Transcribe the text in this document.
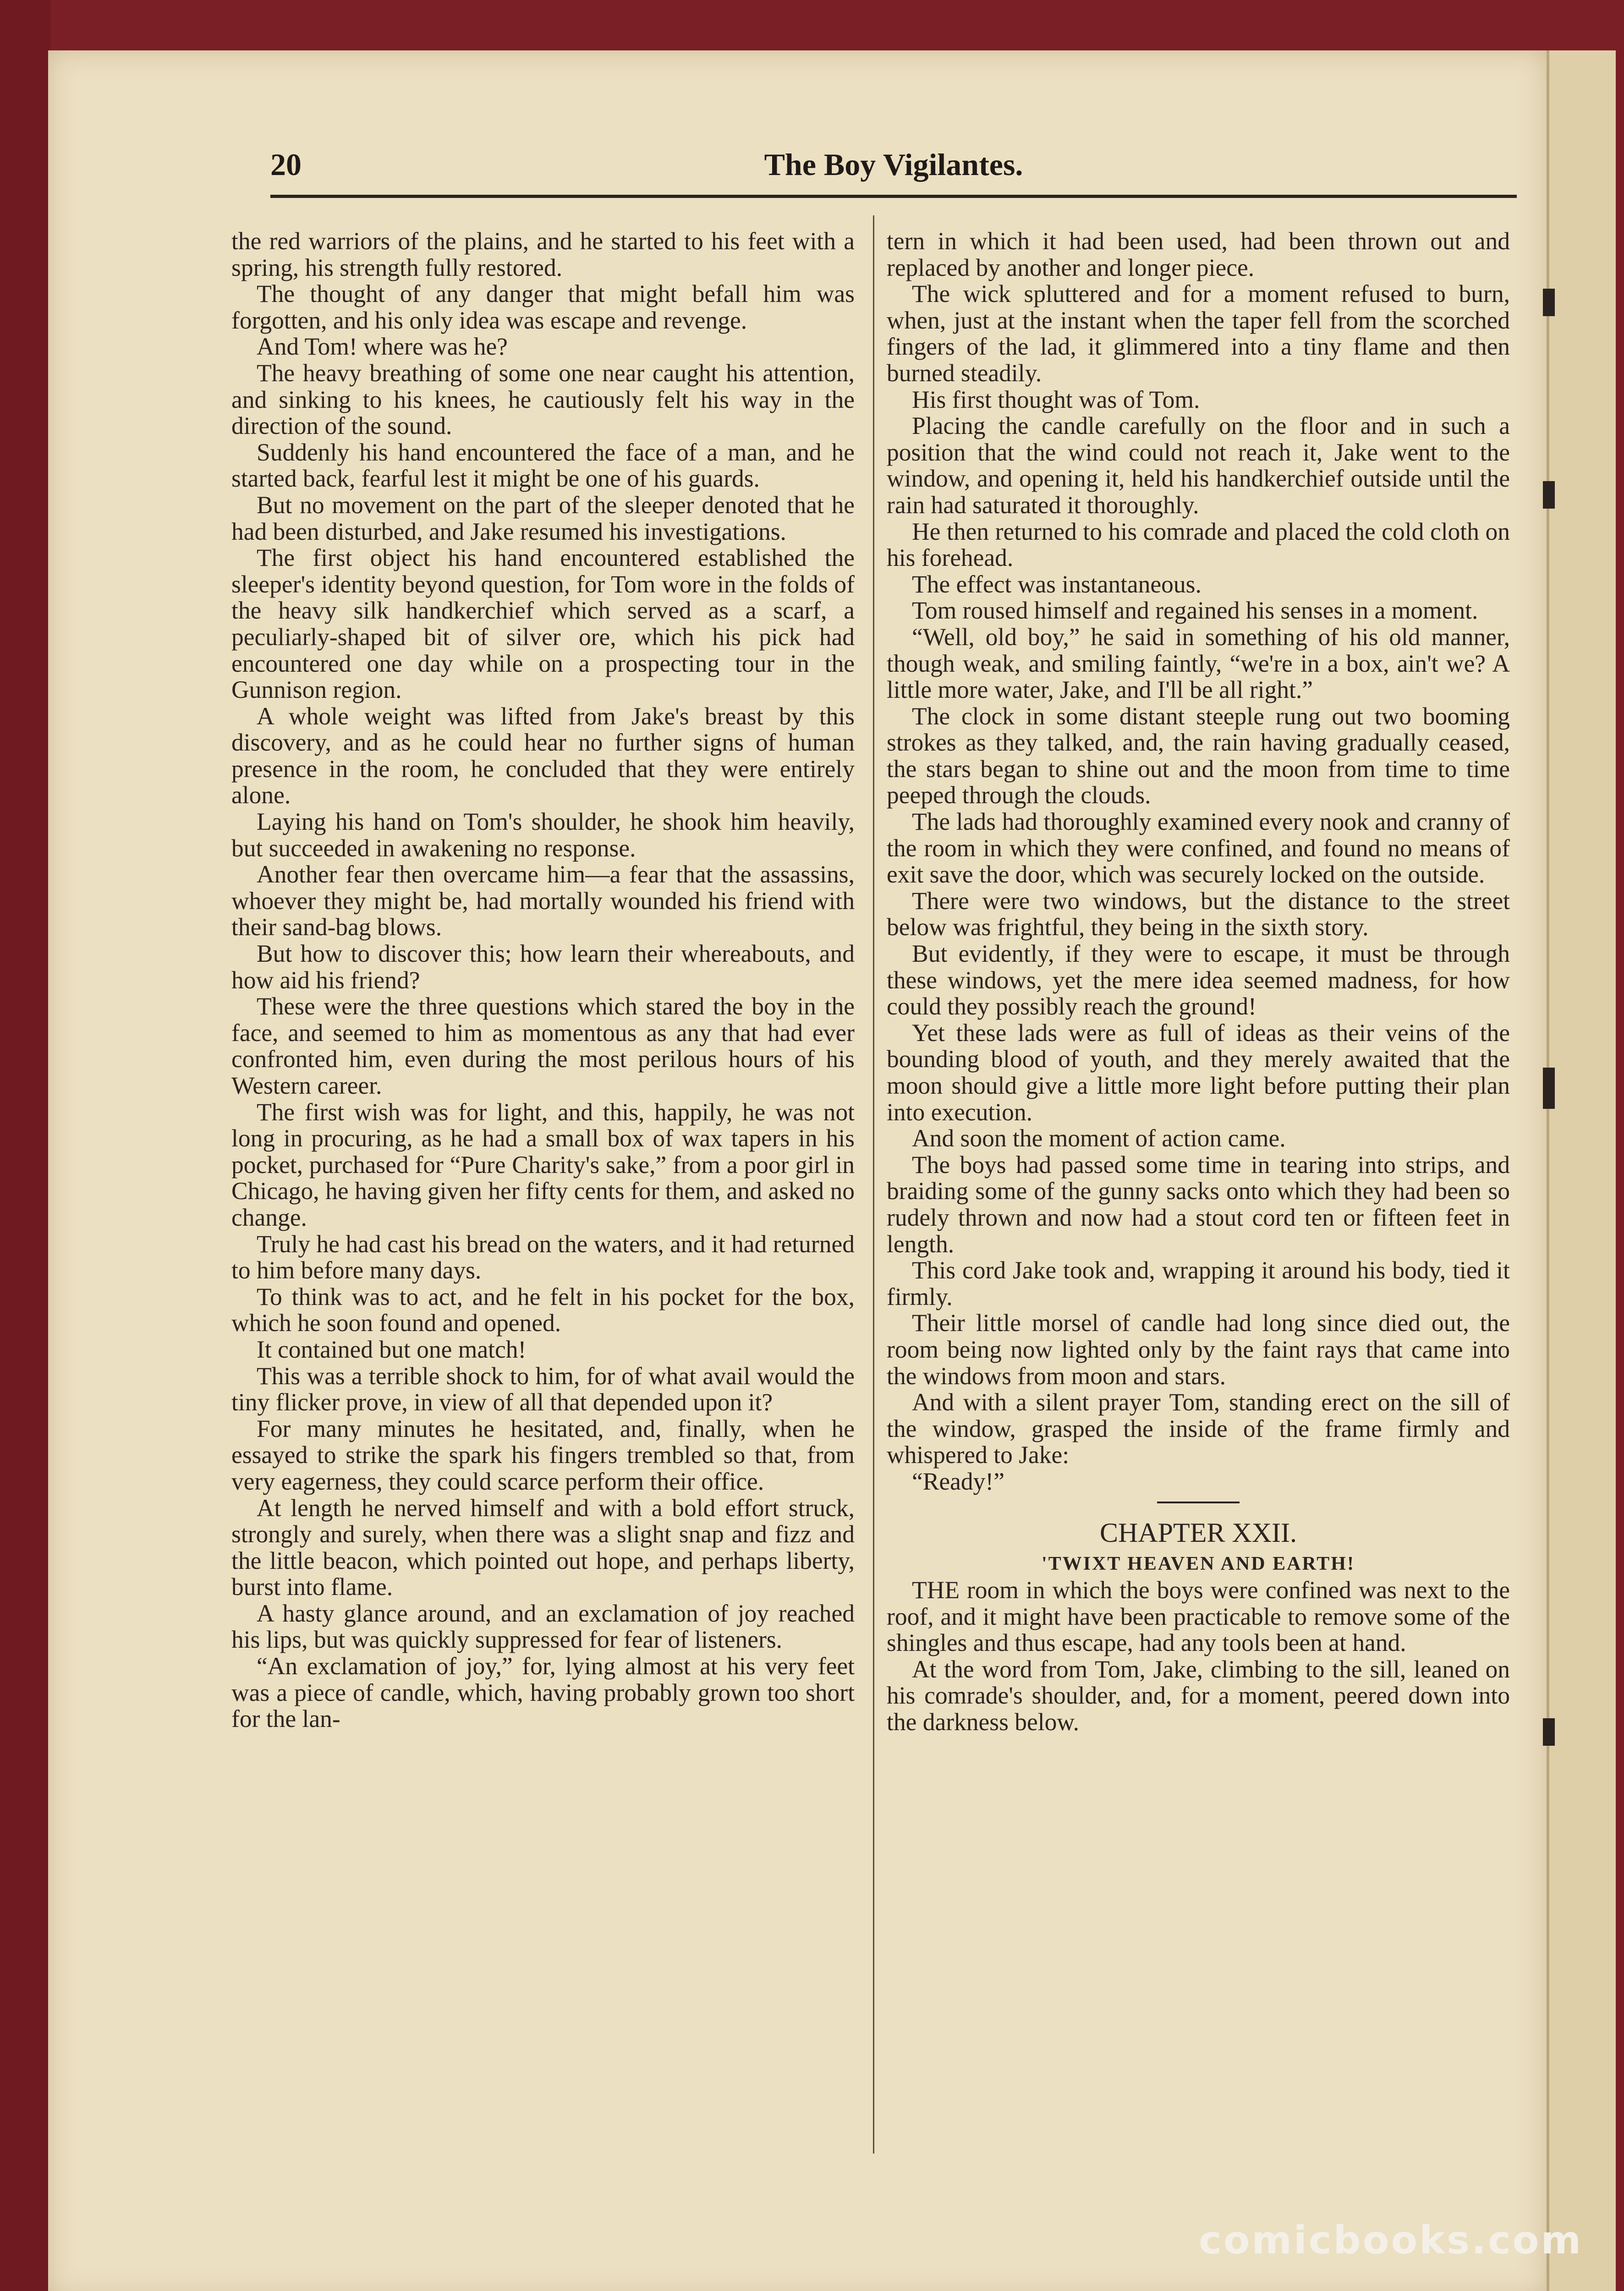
20	The Boy Vigilantes.

the red warriors of the plains, and he started to his feet with a spring, his strength fully restored.

The thought of any danger that might befall him was forgotten, and his only idea was escape and revenge.

And Tom! where was he?

The heavy breathing of some one near caught his attention, and sinking to his knees, he cautiously felt his way in the direction of the sound.

Suddenly his hand encountered the face of a man, and he started back, fearful lest it might be one of his guards.

But no movement on the part of the sleeper denoted that he had been disturbed, and Jake resumed his investigations.

The first object his hand encountered established the sleeper's identity beyond question, for Tom wore in the folds of the heavy silk handkerchief which served as a scarf, a peculiarly-shaped bit of silver ore, which his pick had encountered one day while on a prospecting tour in the Gunnison region.

A whole weight was lifted from Jake's breast by this discovery, and as he could hear no further signs of human presence in the room, he concluded that they were entirely alone.

Laying his hand on Tom's shoulder, he shook him heavily, but succeeded in awakening no response.

Another fear then overcame him—a fear that the assassins, whoever they might be, had mortally wounded his friend with their sand-bag blows.

But how to discover this; how learn their whereabouts, and how aid his friend?

These were the three questions which stared the boy in the face, and seemed to him as momentous as any that had ever confronted him, even during the most perilous hours of his Western career.

The first wish was for light, and this, happily, he was not long in procuring, as he had a small box of wax tapers in his pocket, purchased for “Pure Charity's sake,” from a poor girl in Chicago, he having given her fifty cents for them, and asked no change.

Truly he had cast his bread on the waters, and it had returned to him before many days.

To think was to act, and he felt in his pocket for the box, which he soon found and opened.

It contained but one match!

This was a terrible shock to him, for of what avail would the tiny flicker prove, in view of all that depended upon it?

For many minutes he hesitated, and, finally, when he essayed to strike the spark his fingers trembled so that, from very eagerness, they could scarce perform their office.

At length he nerved himself and with a bold effort struck, strongly and surely, when there was a slight snap and fizz and the little beacon, which pointed out hope, and perhaps liberty, burst into flame.

A hasty glance around, and an exclamation of joy reached his lips, but was quickly suppressed for fear of listeners.

“An exclamation of joy,” for, lying almost at his very feet was a piece of candle, which, having probably grown too short for the lan-

tern in which it had been used, had been thrown out and replaced by another and longer piece.

The wick spluttered and for a moment refused to burn, when, just at the instant when the taper fell from the scorched fingers of the lad, it glimmered into a tiny flame and then burned steadily.

His first thought was of Tom.

Placing the candle carefully on the floor and in such a position that the wind could not reach it, Jake went to the window, and opening it, held his handkerchief outside until the rain had saturated it thoroughly.

He then returned to his comrade and placed the cold cloth on his forehead.

The effect was instantaneous.

Tom roused himself and regained his senses in a moment.

“Well, old boy,” he said in something of his old manner, though weak, and smiling faintly, “we're in a box, ain't we? A little more water, Jake, and I'll be all right.”

The clock in some distant steeple rung out two booming strokes as they talked, and, the rain having gradually ceased, the stars began to shine out and the moon from time to time peeped through the clouds.

The lads had thoroughly examined every nook and cranny of the room in which they were confined, and found no means of exit save the door, which was securely locked on the outside.

There were two windows, but the distance to the street below was frightful, they being in the sixth story.

But evidently, if they were to escape, it must be through these windows, yet the mere idea seemed madness, for how could they possibly reach the ground!

Yet these lads were as full of ideas as their veins of the bounding blood of youth, and they merely awaited that the moon should give a little more light before putting their plan into execution.

And soon the moment of action came.

The boys had passed some time in tearing into strips, and braiding some of the gunny sacks onto which they had been so rudely thrown and now had a stout cord ten or fifteen feet in length.

This cord Jake took and, wrapping it around his body, tied it firmly.

Their little morsel of candle had long since died out, the room being now lighted only by the faint rays that came into the windows from moon and stars.

And with a silent prayer Tom, standing erect on the sill of the window, grasped the inside of the frame firmly and whispered to Jake:

“Ready!”

CHAPTER XXII.

'TWIXT HEAVEN AND EARTH!

THE room in which the boys were confined was next to the roof, and it might have been practicable to remove some of the shingles and thus escape, had any tools been at hand.

At the word from Tom, Jake, climbing to the sill, leaned on his comrade's shoulder, and, for a moment, peered down into the darkness below.

comicbooks.com
